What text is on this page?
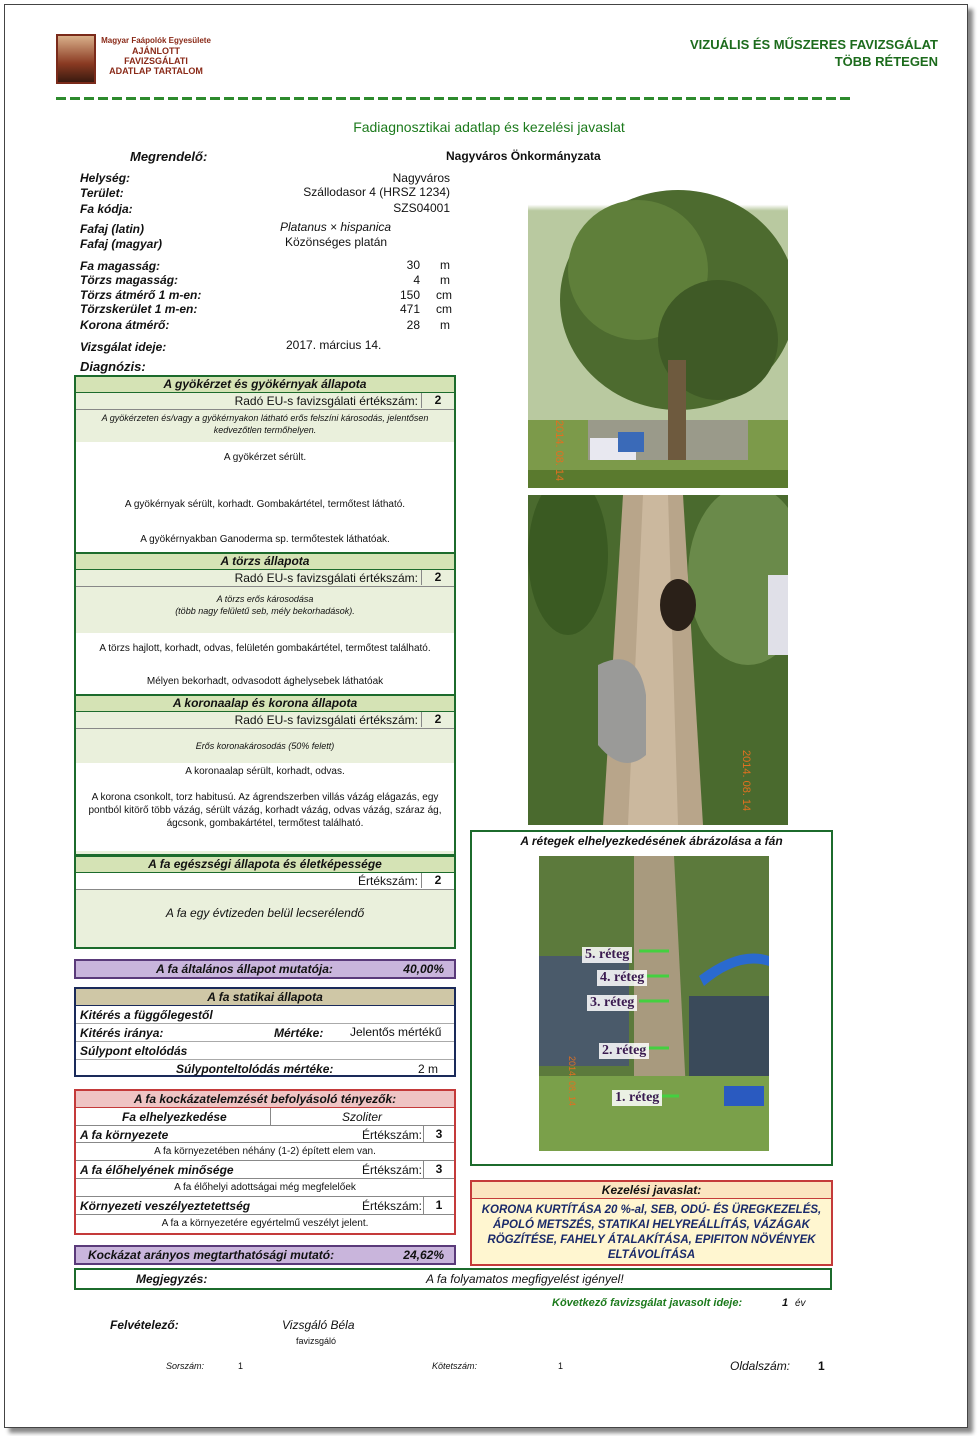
Magyar Faápolók Egyesülete
AJÁNLOTT
FAVIZSGÁLATI
ADATLAP TARTALOM
VIZUÁLIS ÉS MŰSZERES FAVIZSGÁLAT
TÖBB RÉTEGEN
Fadiagnosztikai adatlap és kezelési javaslat
Megrendelő:	Nagyváros Önkormányzata
Helység:	Nagyváros
Terület:	Szállodasor 4 (HRSZ 1234)
Fa kódja:	SZS04001
Fafaj (latin)	Platanus × hispanica
Fafaj (magyar)	Közönséges platán
Fa magasság:	30 m
Törzs magasság:	4 m
Törzs átmérő 1 m-en:	150 cm
Törzskerület 1 m-en:	471 cm
Korona átmérő:	28 m
Vizsgálat ideje:	2017. március 14.
Diagnózis:
A gyökérzet és gyökérnyak állapota
Radó EU-s favizsgálati értékszám:	2
A gyökérzeten és/vagy a gyökérnyakon látható erős felszíni károsodás, jelentősen kedvezőtlen termőhelyen.
A gyökérzet sérült.
A gyökérnyak sérült, korhadt. Gombakártétel, termőtest látható.
A gyökérnyakban Ganoderma sp. termőtestek láthatóak.
A törzs állapota
Radó EU-s favizsgálati értékszám:	2
A törzs erős károsodása
(több nagy felületű seb, mély bekorhadások).
A törzs hajlott, korhadt, odvas, felületén gombakártétel, termőtest található.
Mélyen bekorhadt, odvasodott ághelysebek láthatóak
A koronaalap és korona állapota
Radó EU-s favizsgálati értékszám:	2
Erős koronakárosodás (50% felett)
A koronaalap sérült, korhadt, odvas.
A korona csonkolt, torz habitusú. Az ágrendszerben villás vázág elágazás, egy pontból kitörő több vázág, sérült vázág, korhadt vázág, odvas vázág, száraz ág, ágcsonk, gombakártétel, termőtest található.
A fa egészségi állapota és életképessége
Értékszám:	2
A fa egy évtizeden belül lecserélendő
A fa általános állapot mutatója:	40,00%
A fa statikai állapota
Kitérés a függőlegestől
Kitérés iránya:	Mértéke: Jelentős mértékű
Súlypont eltolódás
Súlyponteltolódás mértéke:	2 m
A fa kockázatelemzését befolyásoló tényezők:
Fa elhelyezkedése	Szoliter
A fa környezete	Értékszám:	3
A fa környezetében néhány (1-2) épített elem van.
A fa élőhelyének minősége	Értékszám:	3
A fa élőhelyi adottságai még megfelelőek
Környezeti veszélyeztetettség	Értékszám:	1
A fa a környezetére egyértelmű veszélyt jelent.
Kockázat arányos megtarthatósági mutató:	24,62%
2014. 08. 14
2014. 08. 14
A rétegek elhelyezkedésének ábrázolása a fán
2014. 08. 14
5. réteg
4. réteg
3. réteg
2. réteg
1. réteg
Kezelési javaslat:
KORONA KURTÍTÁSA 20 %-al, SEB, ODÚ- ÉS ÜREGKEZELÉS, ÁPOLÓ METSZÉS, STATIKAI HELYREÁLLÍTÁS, VÁZÁGAK RÖGZÍTÉSE, FAHELY ÁTALAKÍTÁSA, EPIFITON NÖVÉNYEK ELTÁVOLÍTÁSA
Megjegyzés:	A fa folyamatos megfigyelést igényel!
Következő favizsgálat javasolt ideje:	1 év
Felvételező:	Vizsgáló Béla
favizsgáló
Sorszám:	1	Kötetszám:	1	Oldalszám: 1
